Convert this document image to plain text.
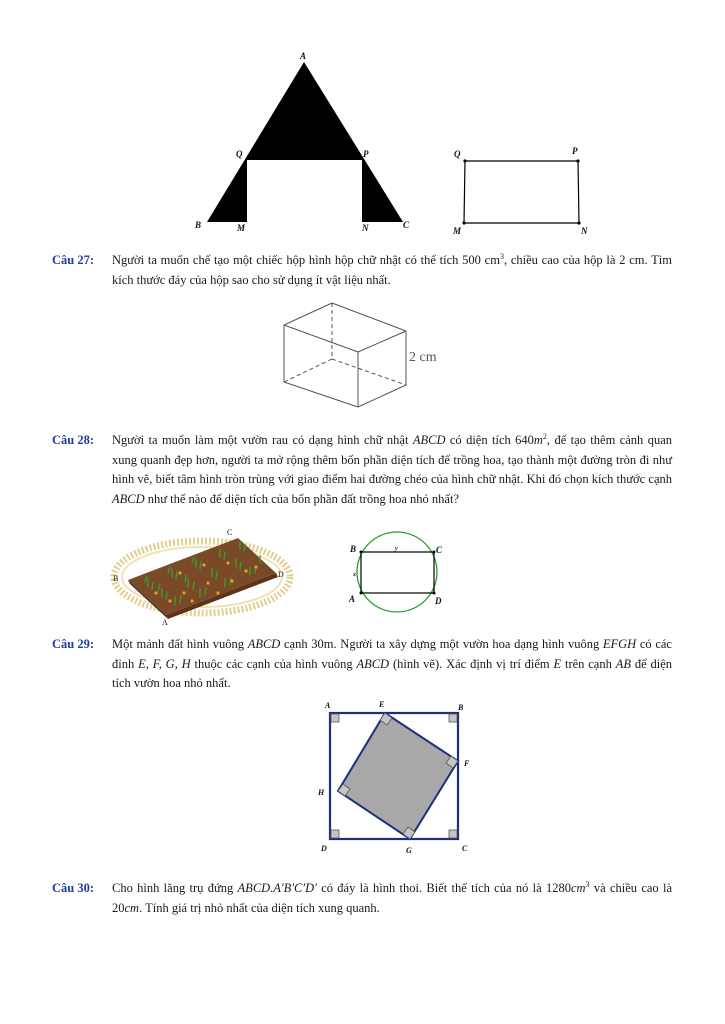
A
B	C
Q	P
M	N
Q	P
M	N
Câu 27: Người ta muốn chế tạo một chiếc hộp hình hộp chữ nhật có thể tích 500 $cm^3$, chiều cao của hộp là 2 cm. Tìm kích thước đáy của hộp sao cho sử dụng ít vật liệu nhất.
2 cm
Câu 28: Người ta muốn làm một vườn rau có dạng hình chữ nhật ABCD có diện tích $640m^2$, để tạo thêm cảnh quan xung quanh đẹp hơn, người ta mở rộng thêm bốn phần diện tích để trồng hoa, tạo thành một đường tròn đi như hình vẽ, biết tâm hình tròn trùng với giao điểm hai đường chéo của hình chữ nhật. Khi đó chọn kích thước cạnh ABCD như thế nào để diện tích của bốn phần đất trồng hoa nhỏ nhất?
A
B
C
D
B	C
A	D
y
x
Câu 29: Một mảnh đất hình vuông ABCD cạnh 30m. Người ta xây dựng một vườn hoa dạng hình vuông EFGH có các đỉnh E, F, G, H thuộc các cạnh của hình vuông ABCD (hình vẽ). Xác định vị trí điểm E trên cạnh AB để diện tích vườn hoa nhỏ nhất.
A	E	B
F
H
D	G	C
Câu 30: Cho hình lăng trụ đứng ABCD.A′B′C′D′ có đáy là hình thoi. Biết thể tích của nó là $1280cm^3$ và chiều cao là 20cm. Tính giá trị nhỏ nhất của diện tích xung quanh.
